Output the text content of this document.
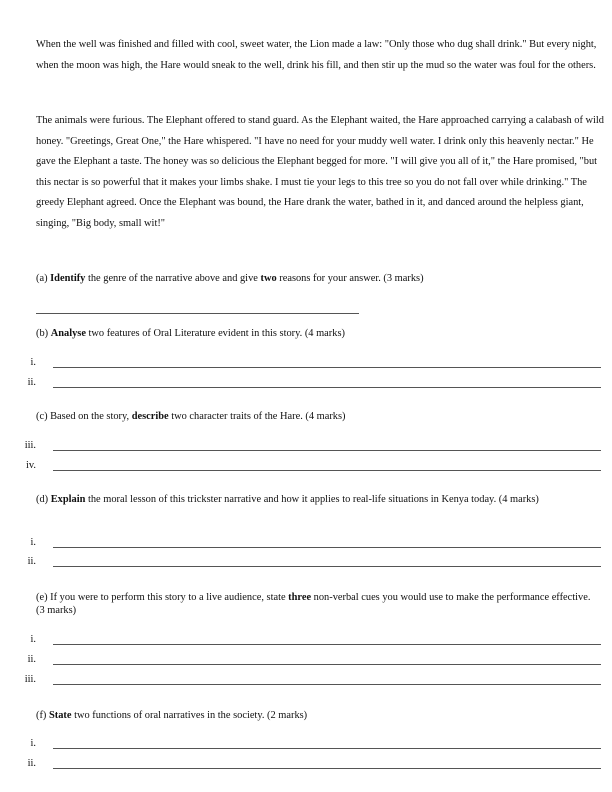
When the well was finished and filled with cool, sweet water, the Lion made a law: "Only those who dug shall drink." But every night, when the moon was high, the Hare would sneak to the well, drink his fill, and then stir up the mud so the water was foul for the others.

The animals were furious. The Elephant offered to stand guard. As the Elephant waited, the Hare approached carrying a calabash of wild honey. "Greetings, Great One," the Hare whispered. "I have no need for your muddy well water. I drink only this heavenly nectar." He gave the Elephant a taste. The honey was so delicious the Elephant begged for more. "I will give you all of it," the Hare promised, "but this nectar is so powerful that it makes your limbs shake. I must tie your legs to this tree so you do not fall over while drinking." The greedy Elephant agreed. Once the Elephant was bound, the Hare drank the water, bathed in it, and danced around the helpless giant, singing, "Big body, small wit!"

(a) Identify the genre of the narrative above and give two reasons for your answer. (3 marks)

(b) Analyse two features of Oral Literature evident in this story. (4 marks)

i.
ii.

(c) Based on the story, describe two character traits of the Hare. (4 marks)

iii.
iv.

(d) Explain the moral lesson of this trickster narrative and how it applies to real-life situations in Kenya today. (4 marks)

i.
ii.

(e) If you were to perform this story to a live audience, state three non-verbal cues you would use to make the performance effective. (3 marks)

i.
ii.
iii.

(f) State two functions of oral narratives in the society. (2 marks)

i.
ii.
